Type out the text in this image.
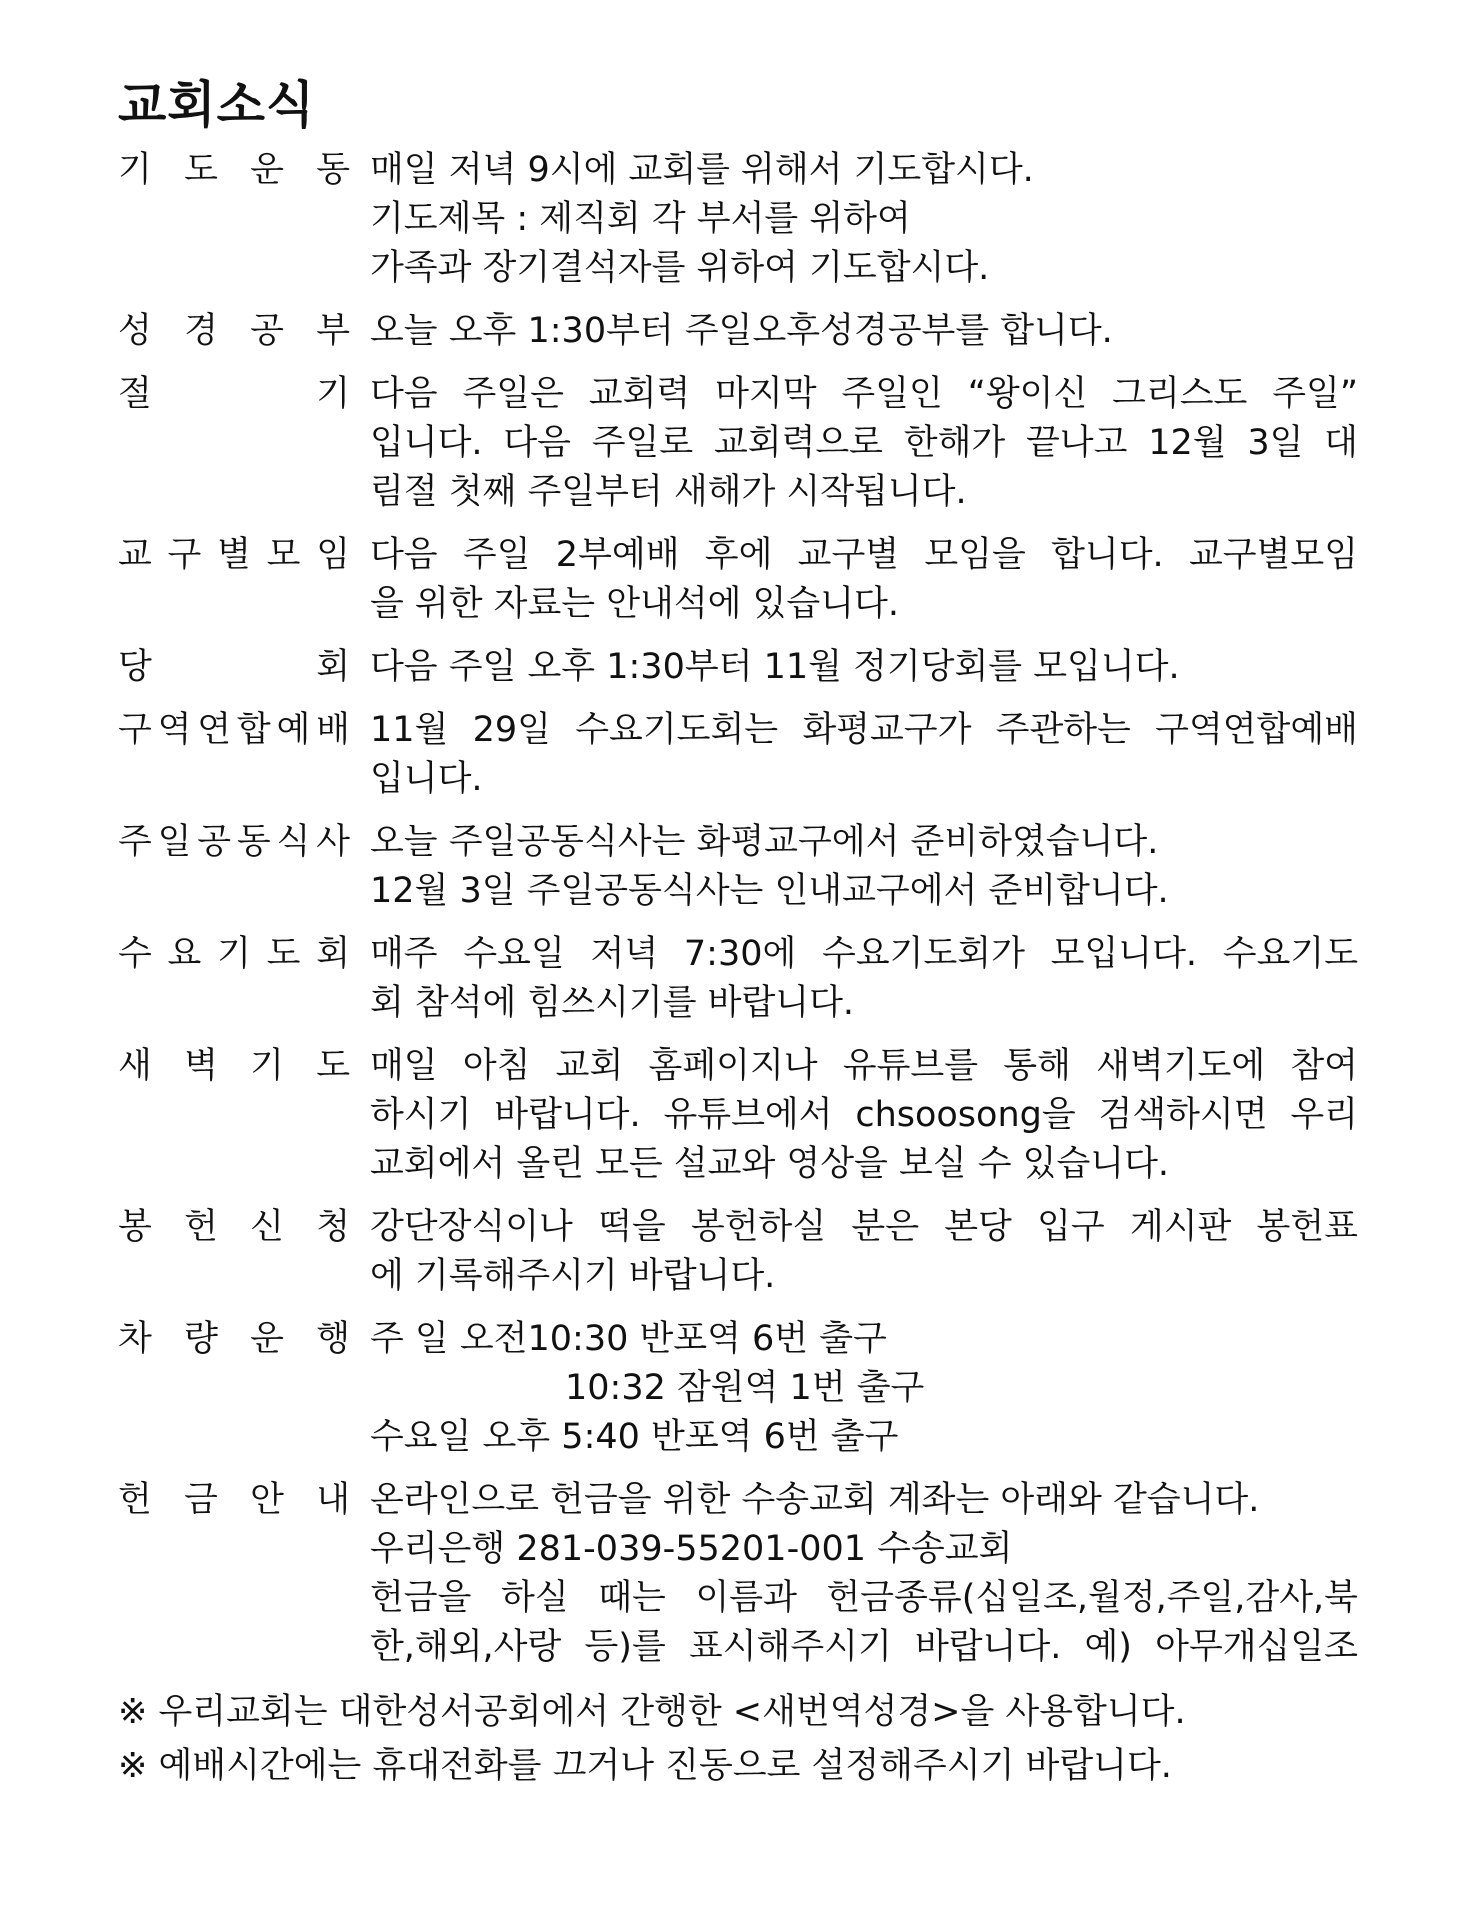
교회소식
기 도 운 동 매일 저녁 9시에 교회를 위해서 기도합시다.
기도제목 : 제직회 각 부서를 위하여
가족과 장기결석자를 위하여 기도합시다.
성 경 공 부 오늘 오후 1:30부터 주일오후성경공부를 합니다.
절	기 다음 주일은 교회력 마지막 주일인 “왕이신 그리스도 주일”
입니다. 다음 주일로 교회력으로 한해가 끝나고 12월 3일 대
림절 첫째 주일부터 새해가 시작됩니다.
교 구 별 모 임 다음 주일 2부예배 후에 교구별 모임을 합니다. 교구별모임
을 위한 자료는 안내석에 있습니다.
당	회 다음 주일 오후 1:30부터 11월 정기당회를 모입니다.
구 역 연 합 예 배 11월 29일 수요기도회는 화평교구가 주관하는 구역연합예배
입니다.
주 일 공 동 식 사 오늘 주일공동식사는 화평교구에서 준비하였습니다.
12월 3일 주일공동식사는 인내교구에서 준비합니다.
수 요 기 도 회 매주 수요일 저녁 7:30에 수요기도회가 모입니다. 수요기도
회 참석에 힘쓰시기를 바랍니다.
새 벽 기 도 매일 아침 교회 홈페이지나 유튜브를 통해 새벽기도에 참여
하시기 바랍니다. 유튜브에서 chsoosong을 검색하시면 우리
교회에서 올린 모든 설교와 영상을 보실 수 있습니다.
봉 헌 신 청 강단장식이나 떡을 봉헌하실 분은 본당 입구 게시판 봉헌표
에 기록해주시기 바랍니다.
차 량 운 행 주 일 오전10:30 반포역 6번 출구
10:32 잠원역 1번 출구
수요일 오후 5:40 반포역 6번 출구
헌 금 안 내 온라인으로 헌금을 위한 수송교회 계좌는 아래와 같습니다.
우리은행 281-039-55201-001 수송교회
헌금을 하실 때는 이름과 헌금종류(십일조,월정,주일,감사,북
한,해외,사랑 등)를 표시해주시기 바랍니다. 예) 아무개십일조
※ 우리교회는 대한성서공회에서 간행한 <새번역성경>을 사용합니다.
※ 예배시간에는 휴대전화를 끄거나 진동으로 설정해주시기 바랍니다.
